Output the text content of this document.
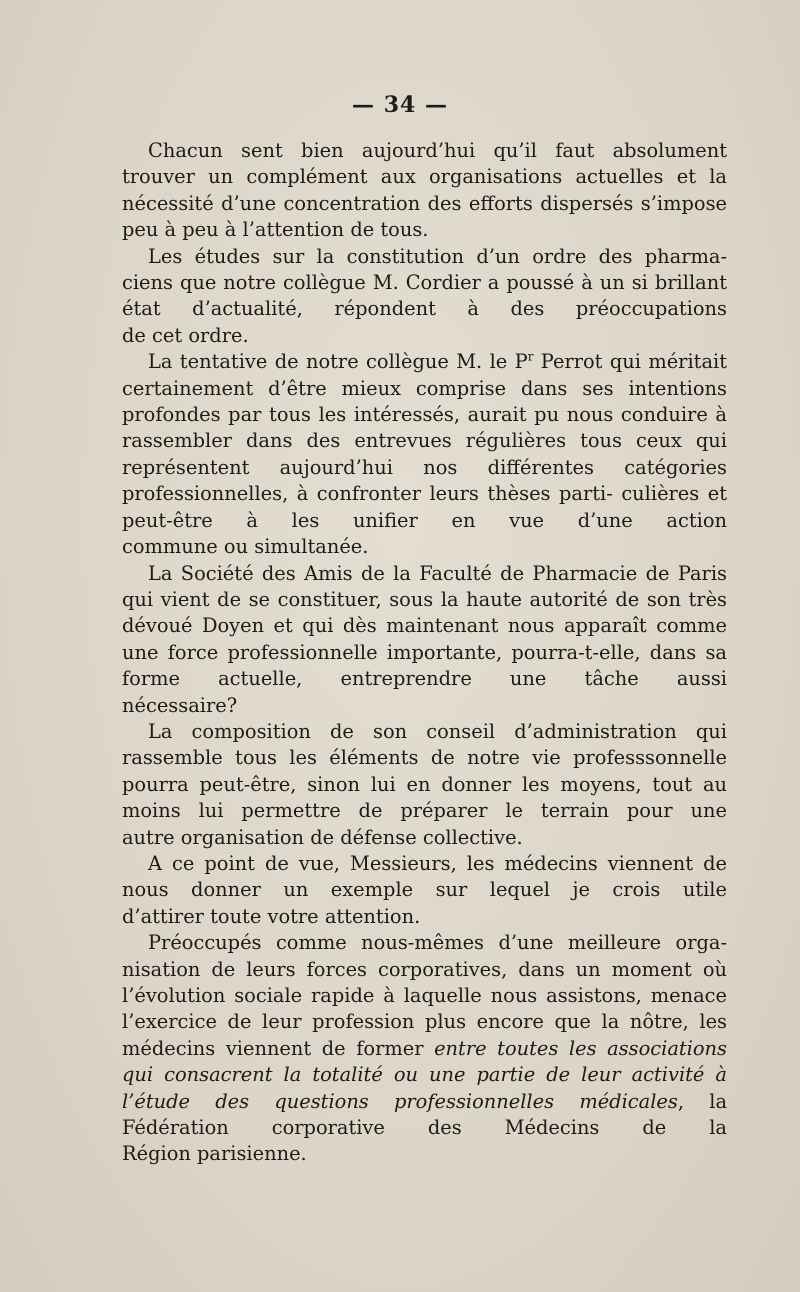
— 34 —

Chacun sent bien aujourd’hui qu’il faut absolument trouver un complément aux organisations actuelles et la nécessité d’une concentration des efforts dispersés s’impose
peu à peu à l’attention de tous.

Les études sur la constitution d’un ordre des pharma- ciens que notre collègue M. Cordier a poussé à un si brillant état d’actualité, répondent à des préoccupations
de cet ordre.

La tentative de notre collègue M. le $P^r$ Perrot qui méritait certainement d’être mieux comprise dans ses intentions profondes par tous les intéressés, aurait pu nous conduire à rassembler dans des entrevues régulières tous ceux qui représentent aujourd’hui nos différentes catégories professionnelles, à confronter leurs thèses parti- culières et peut-être à les unifier en vue d’une action
commune ou simultanée.

La Société des Amis de la Faculté de Pharmacie de Paris qui vient de se constituer, sous la haute autorité de son très dévoué Doyen et qui dès maintenant nous apparaît comme une force professionnelle importante, pourra-t-elle, dans sa forme actuelle, entreprendre une tâche aussi
nécessaire?

La composition de son conseil d’administration qui rassemble tous les éléments de notre vie professsonnelle pourra peut-être, sinon lui en donner les moyens, tout au moins lui permettre de préparer le terrain pour une
autre organisation de défense collective.

A ce point de vue, Messieurs, les médecins viennent de nous donner un exemple sur lequel je crois utile
d’attirer toute votre attention.

Préoccupés comme nous-mêmes d’une meilleure orga- nisation de leurs forces corporatives, dans un moment où l’évolution sociale rapide à laquelle nous assistons, menace l’exercice de leur profession plus encore que la nôtre, les médecins viennent de former entre toutes les associations qui consacrent la totalité ou une partie de leur activité à l’étude des questions professionnelles médicales, la Fédération corporative des Médecins de la
Région parisienne.
